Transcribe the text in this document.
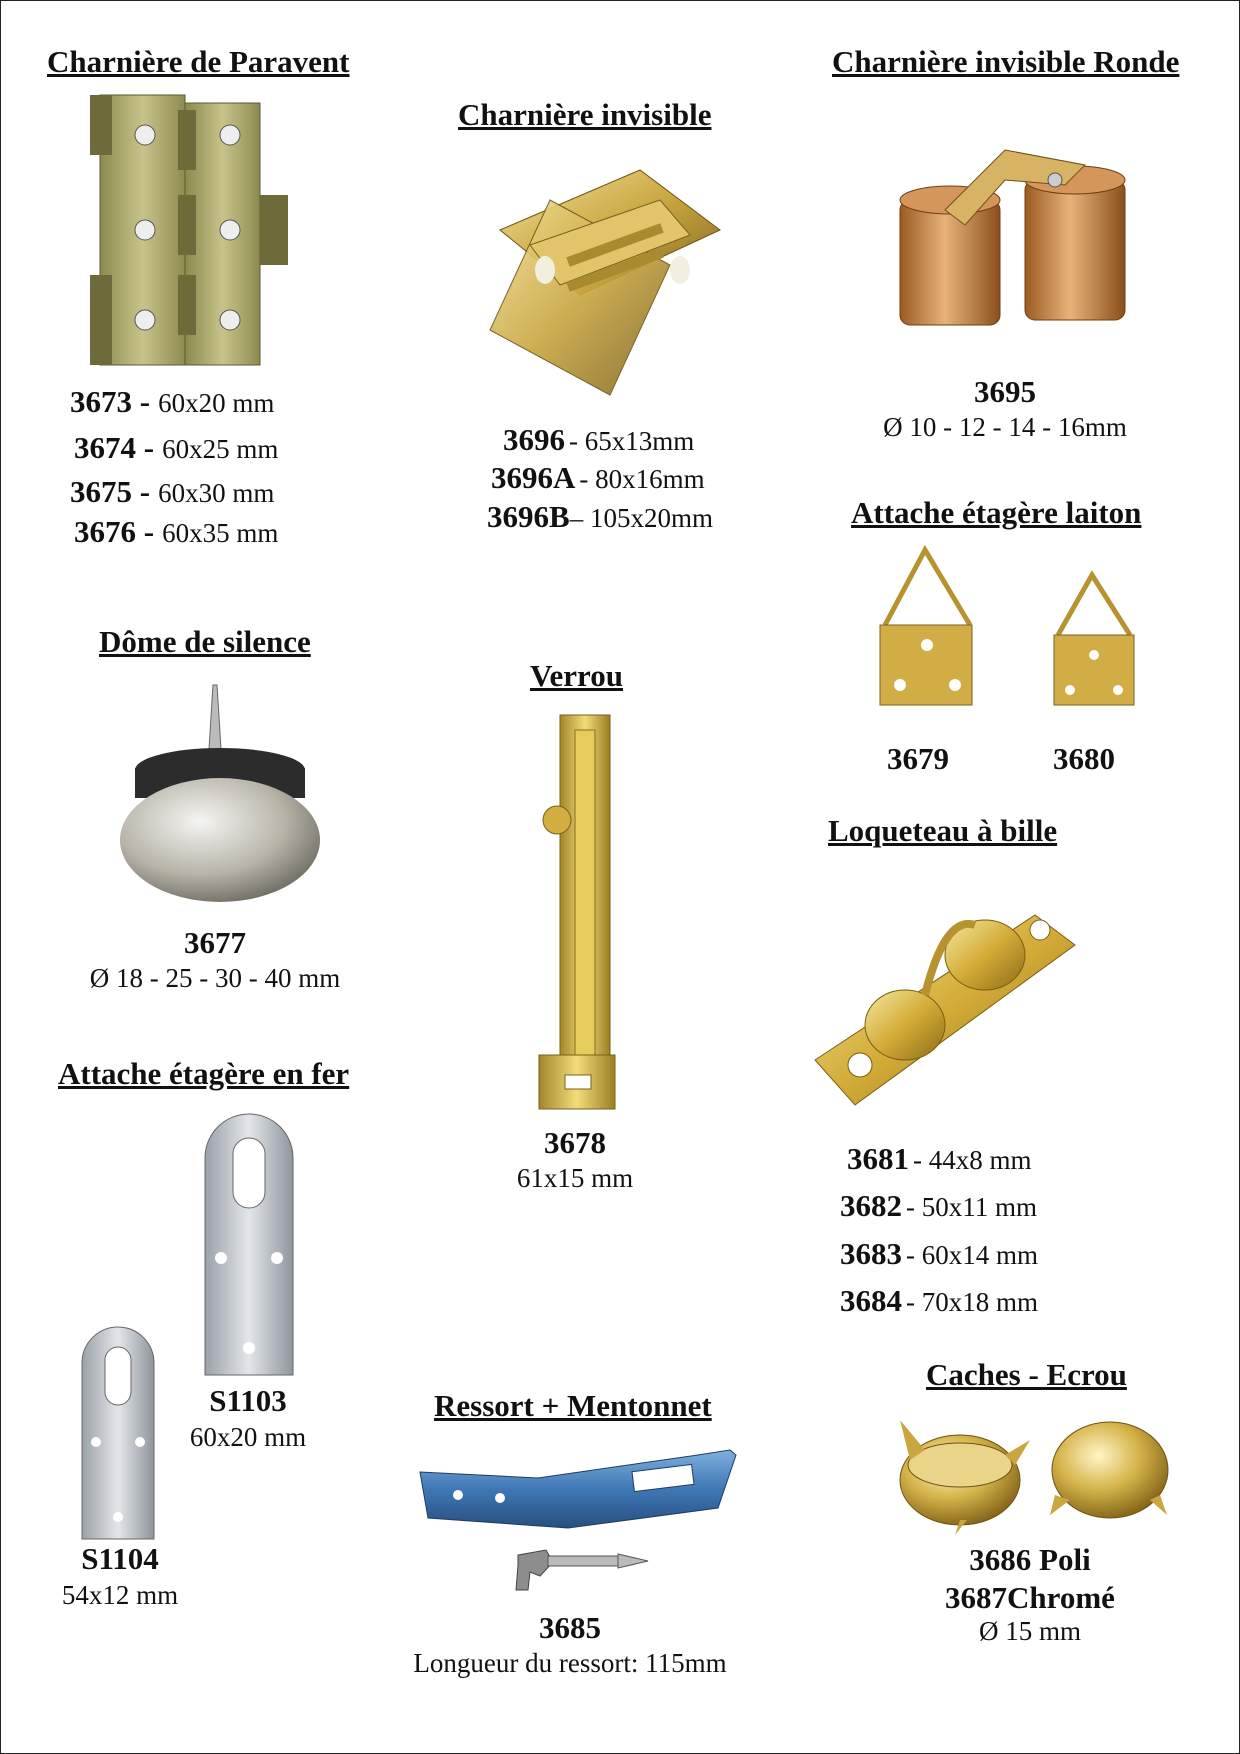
Charnière de Paravent
3673 - 60x20 mm
3674 - 60x25 mm
3675 - 60x30 mm
3676 - 60x35 mm
Charnière invisible
3696 - 65x13mm
3696A - 80x16mm
3696B– 105x20mm
Charnière invisible Ronde
3695
Ø 10 - 12 - 14 - 16mm
Attache étagère laiton
3679	3680
Dôme de silence
3677
Ø 18 - 25 - 30 - 40 mm
Verrou
3678
61x15 mm
Loqueteau à bille
3681 - 44x8 mm
3682 - 50x11 mm
3683 - 60x14 mm
3684 - 70x18 mm
Attache étagère en fer
S1103
60x20 mm
S1104
54x12 mm
Ressort + Mentonnet
3685
Longueur du ressort: 115mm
Caches - Ecrou
3686 Poli
3687Chromé
Ø 15 mm
